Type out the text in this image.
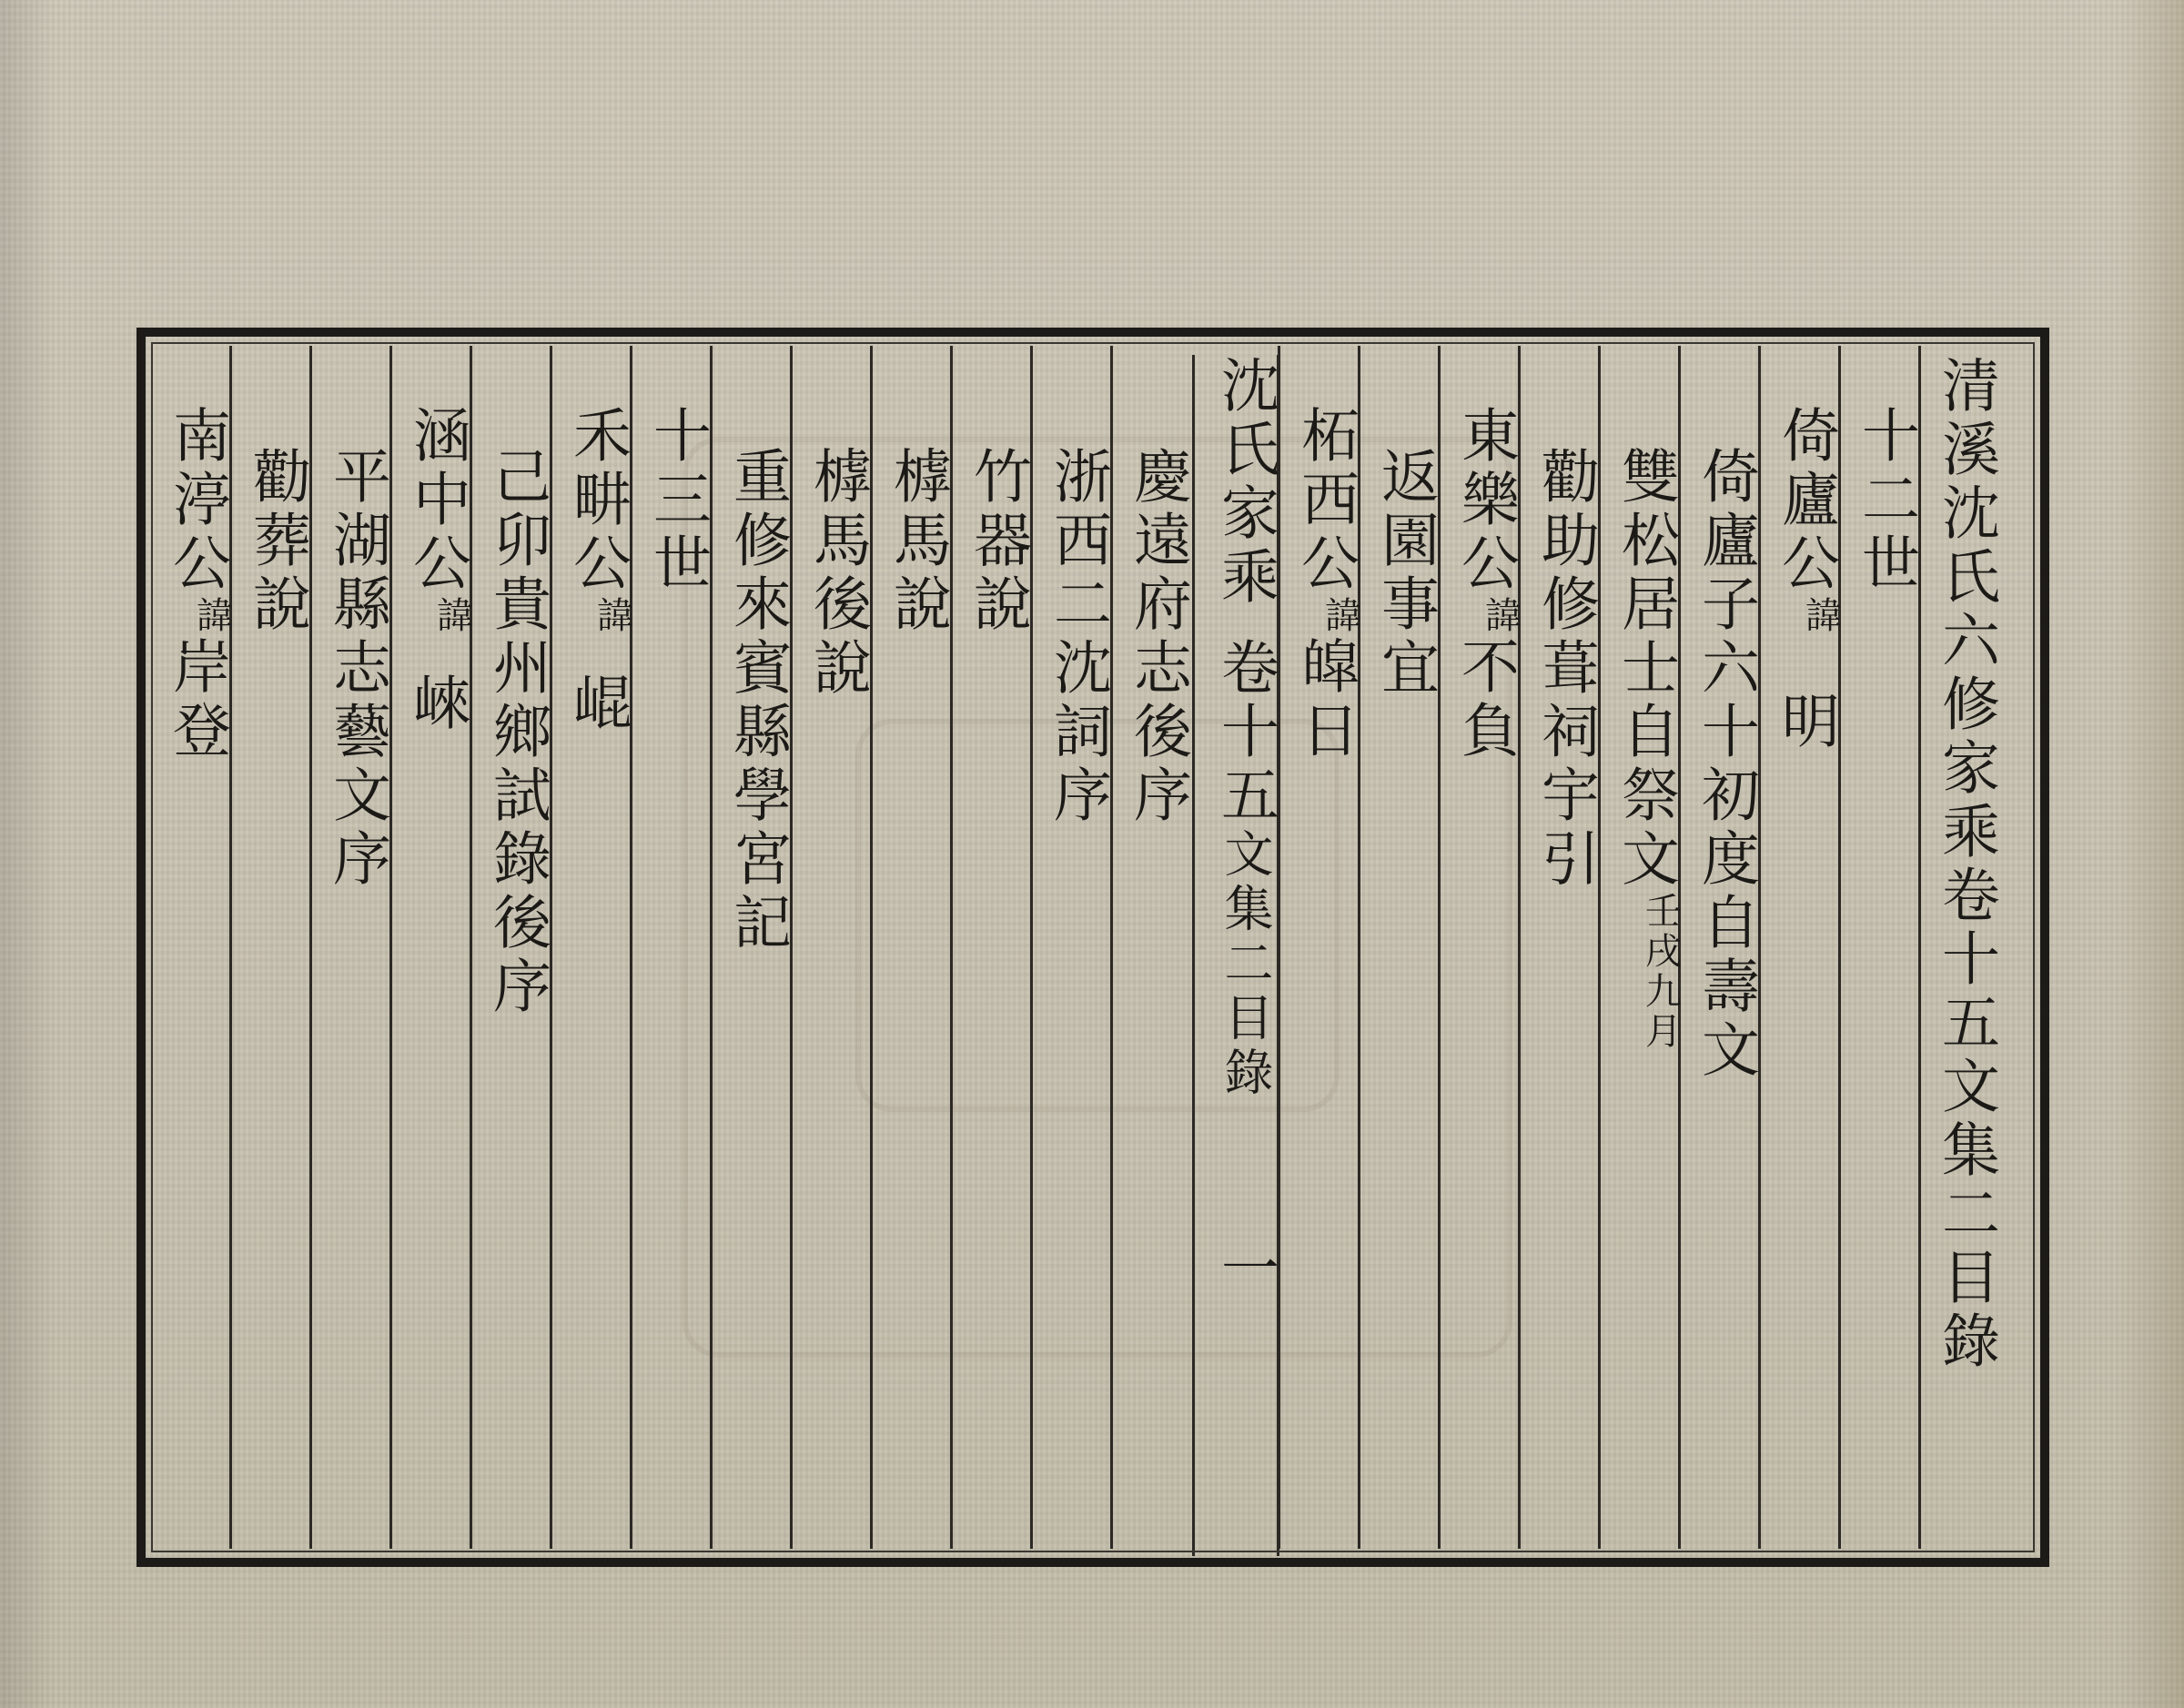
清溪沈氏六修家乘卷十五文集二目錄
十二世
倚廬公諱明
倚廬子六十初度自壽文
雙松居士自祭文壬戌九月
勸助修葺祠宇引
東樂公諱不負
返園事宜
柘西公諱皡日
沈氏家乘卷十五文集二目錄一
慶遠府志後序
浙西二沈詞序
竹器說
㯉馬說
㯉馬後說
重修來賓縣學宮記
十三世
禾畊公諱崐
己卯貴州鄉試錄後序
涵中公諱崍
平湖縣志藝文序
勸葬說
南渟公諱岸登
